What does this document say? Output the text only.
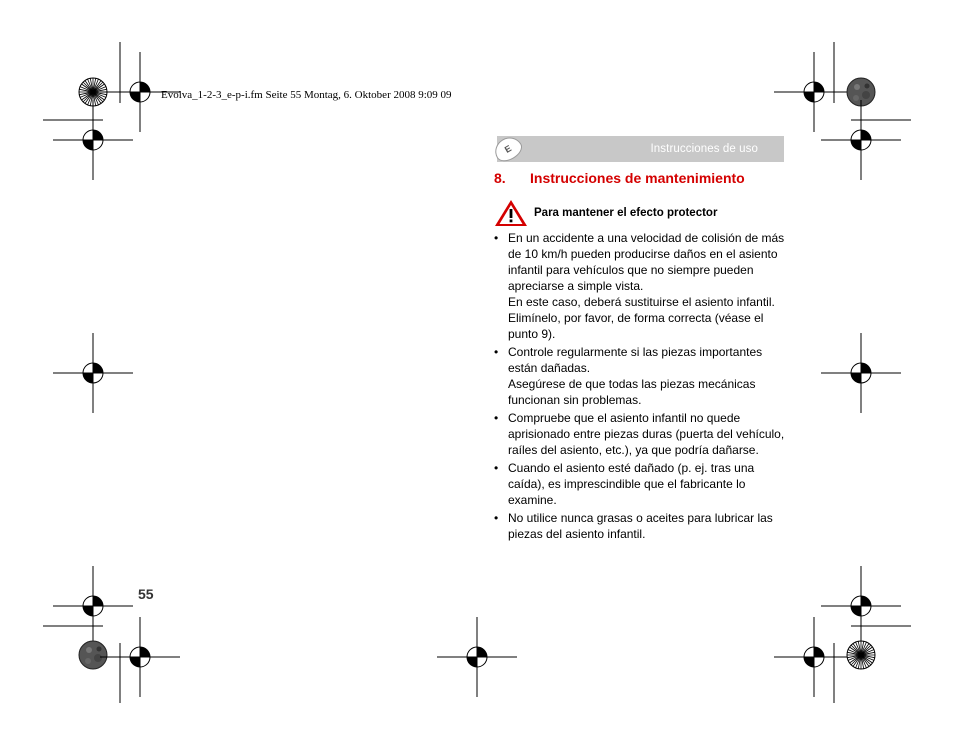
Evolva_1-2-3_e-p-i.fm Seite 55 Montag, 6. Oktober 2008 9:09 09
E	Instrucciones de uso
8. Instrucciones de mantenimiento
Para mantener el efecto protector
• En un accidente a una velocidad de colisión de más de 10 km/h pueden producirse daños en el asiento infantil para vehículos que no siempre pueden apreciarse a simple vista.

En este caso, deberá sustituirse el asiento infantil. Elimínelo, por favor, de forma correcta (véase el punto 9).

• Controle regularmente si las piezas importantes están dañadas.

Asegúrese de que todas las piezas mecánicas funcionan sin problemas.

• Compruebe que el asiento infantil no quede aprisionado entre piezas duras (puerta del vehículo, raíles del asiento, etc.), ya que podría dañarse.

• Cuando el asiento esté dañado (p. ej. tras una caída), es imprescindible que el fabricante lo examine.

• No utilice nunca grasas o aceites para lubricar las piezas del asiento infantil.

55
